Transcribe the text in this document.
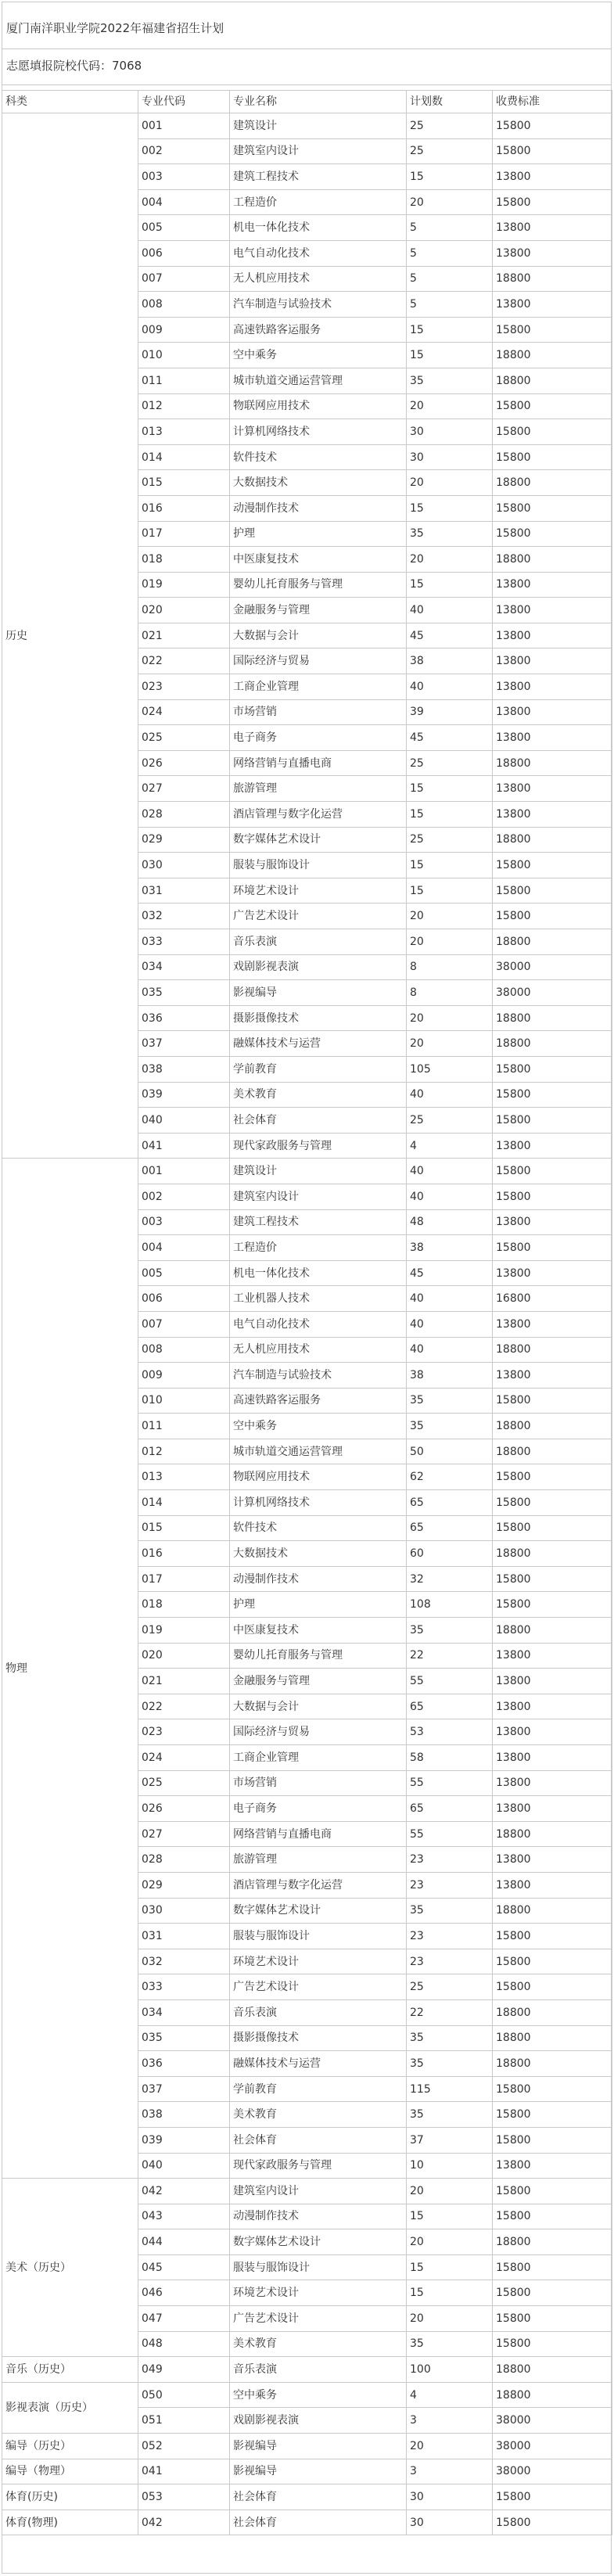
厦门南洋职业学院2022年福建省招生计划
志愿填报院校代码：7068
科类	专业代码	专业名称	计划数	收费标准
历史	001	建筑设计	25	15800
	002	建筑室内设计	25	15800
	003	建筑工程技术	15	13800
	004	工程造价	20	15800
	005	机电一体化技术	5	13800
	006	电气自动化技术	5	13800
	007	无人机应用技术	5	18800
	008	汽车制造与试验技术	5	13800
	009	高速铁路客运服务	15	15800
	010	空中乘务	15	18800
	011	城市轨道交通运营管理	35	18800
	012	物联网应用技术	20	15800
	013	计算机网络技术	30	15800
	014	软件技术	30	15800
	015	大数据技术	20	18800
	016	动漫制作技术	15	15800
	017	护理	35	15800
	018	中医康复技术	20	18800
	019	婴幼儿托育服务与管理	15	13800
	020	金融服务与管理	40	13800
	021	大数据与会计	45	13800
	022	国际经济与贸易	38	13800
	023	工商企业管理	40	13800
	024	市场营销	39	13800
	025	电子商务	45	13800
	026	网络营销与直播电商	25	18800
	027	旅游管理	15	13800
	028	酒店管理与数字化运营	15	13800
	029	数字媒体艺术设计	25	18800
	030	服装与服饰设计	15	15800
	031	环境艺术设计	15	15800
	032	广告艺术设计	20	15800
	033	音乐表演	20	18800
	034	戏剧影视表演	8	38000
	035	影视编导	8	38000
	036	摄影摄像技术	20	18800
	037	融媒体技术与运营	20	18800
	038	学前教育	105	15800
	039	美术教育	40	15800
	040	社会体育	25	15800
	041	现代家政服务与管理	4	13800
物理	001	建筑设计	40	15800
	002	建筑室内设计	40	15800
	003	建筑工程技术	48	13800
	004	工程造价	38	15800
	005	机电一体化技术	45	13800
	006	工业机器人技术	40	16800
	007	电气自动化技术	40	13800
	008	无人机应用技术	40	18800
	009	汽车制造与试验技术	38	13800
	010	高速铁路客运服务	35	15800
	011	空中乘务	35	18800
	012	城市轨道交通运营管理	50	18800
	013	物联网应用技术	62	15800
	014	计算机网络技术	65	15800
	015	软件技术	65	15800
	016	大数据技术	60	18800
	017	动漫制作技术	32	15800
	018	护理	108	15800
	019	中医康复技术	35	18800
	020	婴幼儿托育服务与管理	22	13800
	021	金融服务与管理	55	13800
	022	大数据与会计	65	13800
	023	国际经济与贸易	53	13800
	024	工商企业管理	58	13800
	025	市场营销	55	13800
	026	电子商务	65	13800
	027	网络营销与直播电商	55	18800
	028	旅游管理	23	13800
	029	酒店管理与数字化运营	23	13800
	030	数字媒体艺术设计	35	18800
	031	服装与服饰设计	23	15800
	032	环境艺术设计	23	15800
	033	广告艺术设计	25	15800
	034	音乐表演	22	18800
	035	摄影摄像技术	35	18800
	036	融媒体技术与运营	35	18800
	037	学前教育	115	15800
	038	美术教育	35	15800
	039	社会体育	37	15800
	040	现代家政服务与管理	10	13800
美术（历史）	042	建筑室内设计	20	15800
	043	动漫制作技术	15	15800
	044	数字媒体艺术设计	20	18800
	045	服装与服饰设计	15	15800
	046	环境艺术设计	15	15800
	047	广告艺术设计	20	15800
	048	美术教育	35	15800
音乐（历史）	049	音乐表演	100	18800
影视表演（历史）	050	空中乘务	4	18800
	051	戏剧影视表演	3	38000
编导（历史）	052	影视编导	20	38000
编导（物理）	041	影视编导	3	38000
体育(历史)	053	社会体育	30	15800
体育(物理)	042	社会体育	30	15800
